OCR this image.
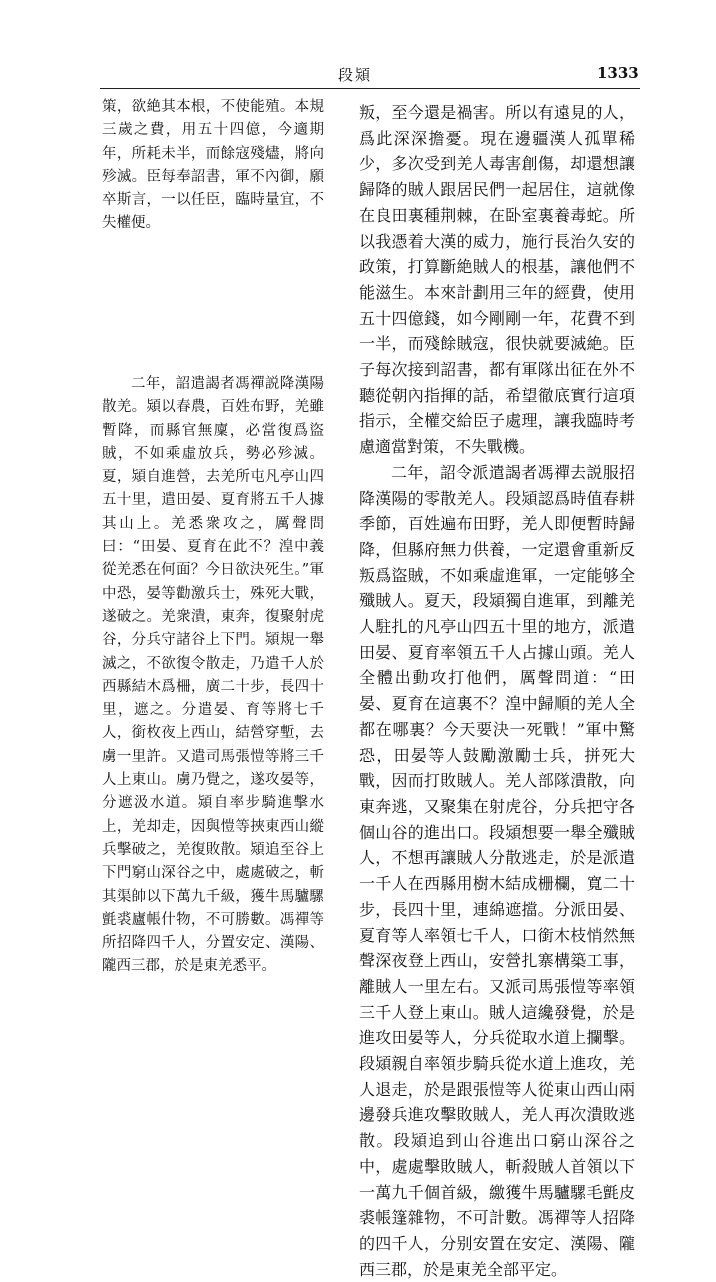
段熲	1333

策，欲絶其本根，不使能殖。本規三歲之費，用五十四億，今適期年，所耗未半，而餘寇殘燼，將向殄滅。臣每奉詔書，軍不內御，願卒斯言，一以任臣，臨時量宜，不失權便。

二年，詔遣謁者馮禪説降漢陽散羌。熲以春農，百姓布野，羌雖暫降，而縣官無廩，必當復爲盜賊，不如乘虛放兵，勢必殄滅。夏，熲自進營，去羌所屯凡亭山四五十里，遣田晏、夏育將五千人據其山上。羌悉衆攻之，厲聲問曰：“田晏、夏育在此不？湟中義從羌悉在何面？今日欲決死生。”軍中恐，晏等勸激兵士，殊死大戰，遂破之。羌衆潰，東奔，復聚射虎谷，分兵守諸谷上下門。熲規一舉滅之，不欲復令散走，乃遣千人於西縣結木爲柵，廣二十步，長四十里，遮之。分遣晏、育等將七千人，銜枚夜上西山，結營穿塹，去虜一里許。又遣司馬張愷等將三千人上東山。虜乃覺之，遂攻晏等，分遮汲水道。熲自率步騎進擊水上，羌却走，因與愷等挾東西山縱兵擊破之，羌復敗散。熲追至谷上下門窮山深谷之中，處處破之，斬其渠帥以下萬九千級，獲牛馬驢騾氈裘廬帳什物，不可勝數。馮禪等所招降四千人，分置安定、漢陽、隴西三郡，於是東羌悉平。

叛，至今還是禍害。所以有遠見的人，爲此深深擔憂。現在邊疆漢人孤單稀少，多次受到羌人毒害創傷，却還想讓歸降的賊人跟居民們一起居住，這就像在良田裏種荆棘，在卧室裏養毒蛇。所以我憑着大漢的威力，施行長治久安的政策，打算斷絶賊人的根基，讓他們不能滋生。本來計劃用三年的經費，使用五十四億錢，如今剛剛一年，花費不到一半，而殘餘賊寇，很快就要滅絶。臣子每次接到詔書，都有軍隊出征在外不聽從朝內指揮的話，希望徹底實行這項指示，全權交給臣子處理，讓我臨時考慮適當對策，不失戰機。

二年，詔令派遣謁者馮禪去説服招降漢陽的零散羌人。段熲認爲時值春耕季節，百姓遍布田野，羌人即便暫時歸降，但縣府無力供養，一定還會重新反叛爲盜賊，不如乘虛進軍，一定能够全殲賊人。夏天，段熲獨自進軍，到離羌人駐扎的凡亭山四五十里的地方，派遣田晏、夏育率領五千人占據山頭。羌人全體出動攻打他們，厲聲問道：“田晏、夏育在這裏不？湟中歸順的羌人全都在哪裏？今天要決一死戰！”軍中驚恐，田晏等人鼓勵激勵士兵，拼死大戰，因而打敗賊人。羌人部隊潰散，向東奔逃，又聚集在射虎谷，分兵把守各個山谷的進出口。段熲想要一舉全殲賊人，不想再讓賊人分散逃走，於是派遣一千人在西縣用樹木結成栅欄，寬二十步，長四十里，連綿遮擋。分派田晏、夏育等人率領七千人，口銜木枝悄然無聲深夜登上西山，安營扎寨構築工事，離賊人一里左右。又派司馬張愷等率領三千人登上東山。賊人這纔發覺，於是進攻田晏等人，分兵從取水道上攔擊。段熲親自率領步騎兵從水道上進攻，羌人退走，於是跟張愷等人從東山西山兩邊發兵進攻擊敗賊人，羌人再次潰敗逃散。段熲追到山谷進出口窮山深谷之中，處處擊敗賊人，斬殺賊人首領以下一萬九千個首級，繳獲牛馬驢騾毛氈皮裘帳篷雜物，不可計數。馮禪等人招降的四千人，分别安置在安定、漢陽、隴西三郡，於是東羌全部平定。
